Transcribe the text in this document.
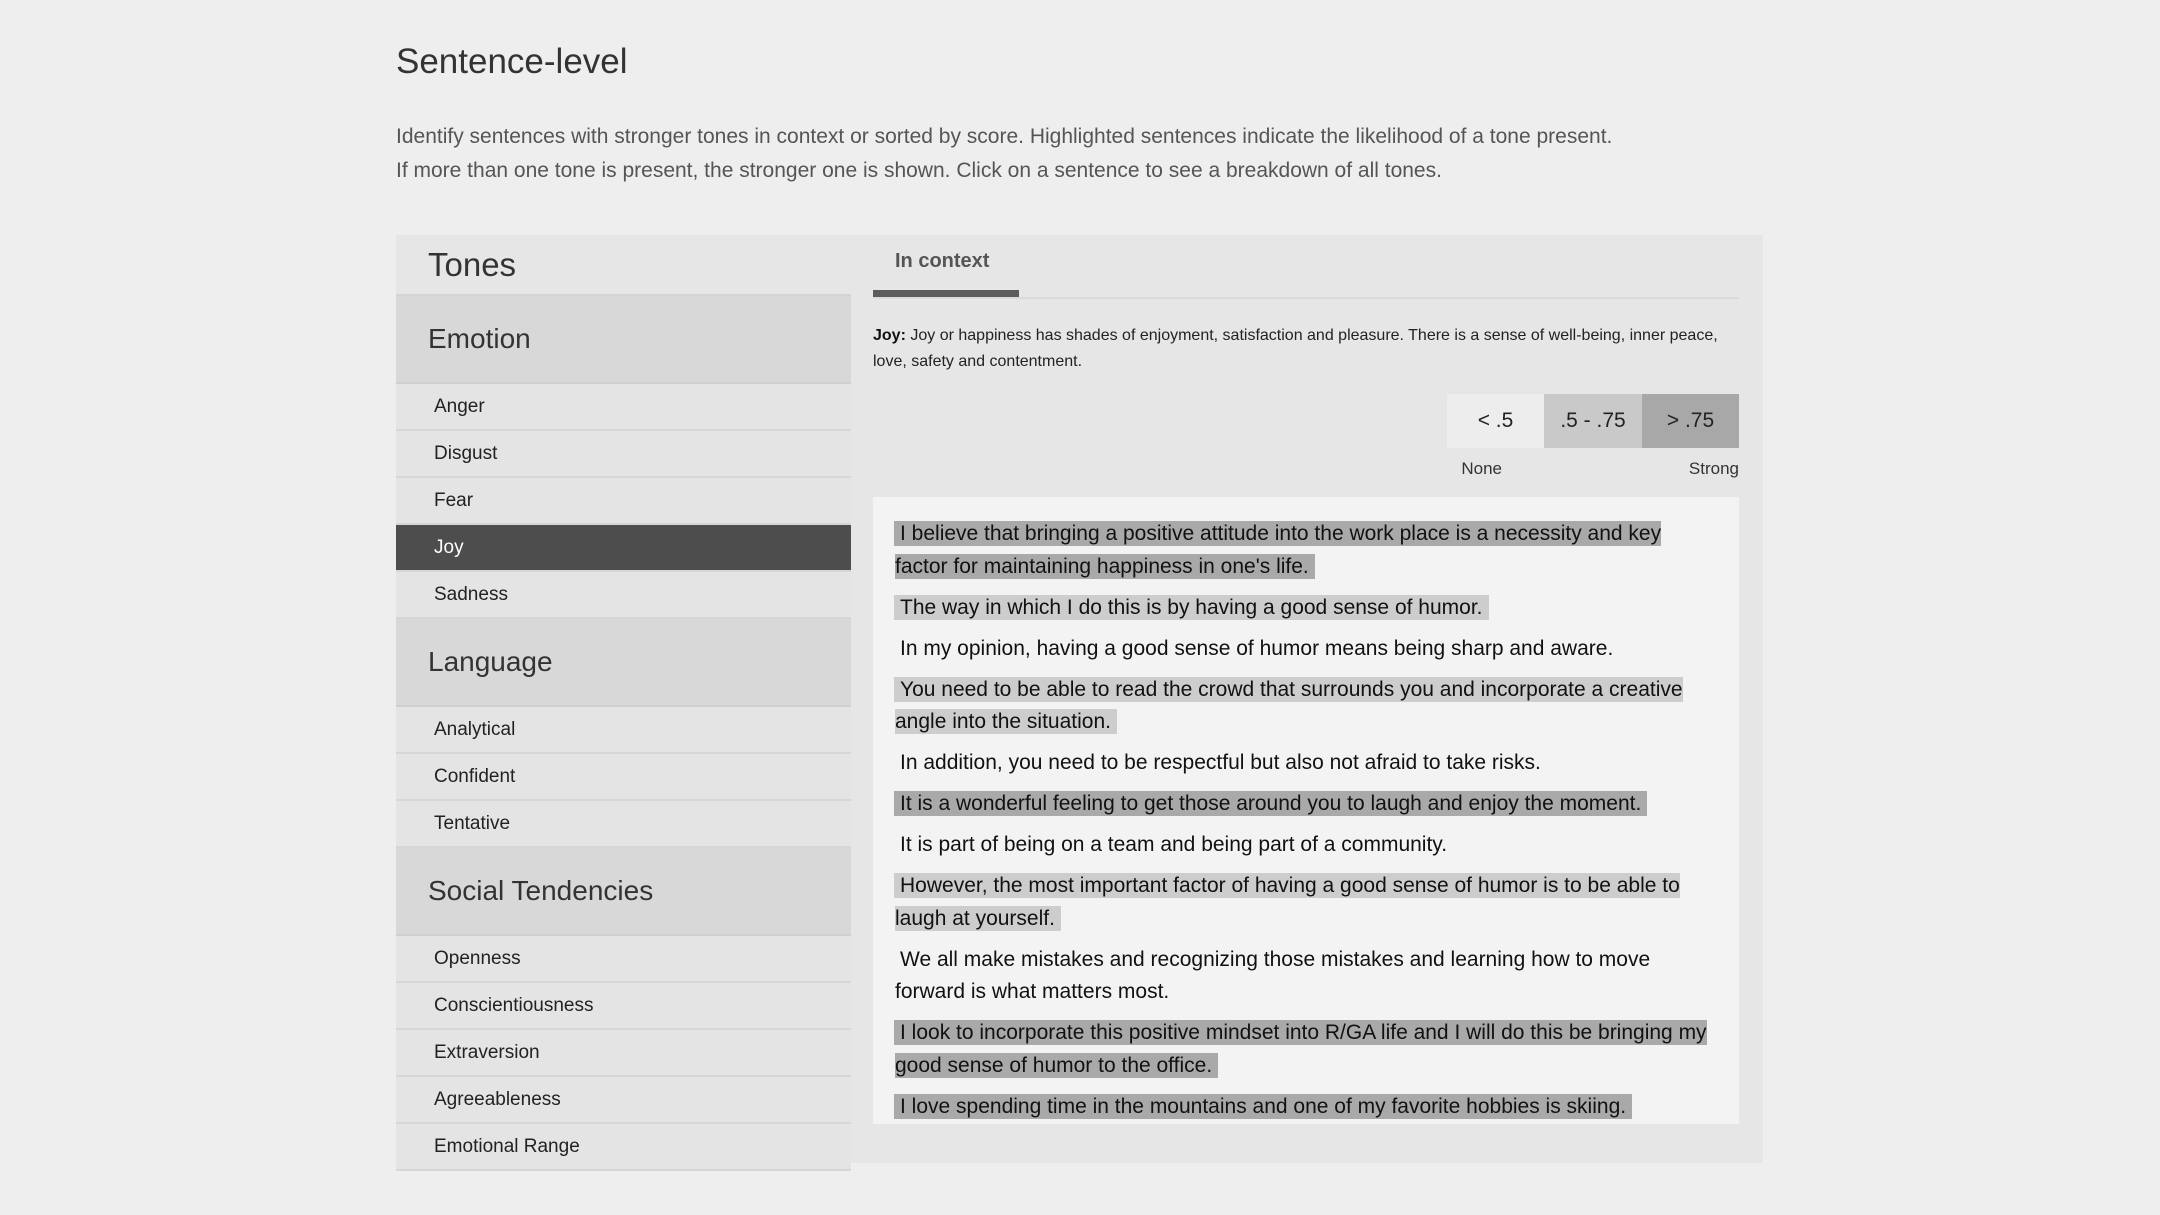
Sentence-level
Identify sentences with stronger tones in context or sorted by score. Highlighted sentences indicate the likelihood of a tone present.
If more than one tone is present, the stronger one is shown. Click on a sentence to see a breakdown of all tones.
Tones
Emotion
Anger
Disgust
Fear
Joy
Sadness
Language
Analytical
Confident
Tentative
Social Tendencies
Openness
Conscientiousness
Extraversion
Agreeableness
Emotional Range
In context
Joy: Joy or happiness has shades of enjoyment, satisfaction and pleasure. There is a sense of well-being, inner peace, love, safety and contentment.
< .5	.5 - .75	> .75
None	Strong
I believe that bringing a positive attitude into the work place is a necessity and key factor for maintaining happiness in one's life.
The way in which I do this is by having a good sense of humor.
In my opinion, having a good sense of humor means being sharp and aware.
You need to be able to read the crowd that surrounds you and incorporate a creative angle into the situation.
In addition, you need to be respectful but also not afraid to take risks.
It is a wonderful feeling to get those around you to laugh and enjoy the moment.
It is part of being on a team and being part of a community.
However, the most important factor of having a good sense of humor is to be able to laugh at yourself.
We all make mistakes and recognizing those mistakes and learning how to move forward is what matters most.
I look to incorporate this positive mindset into R/GA life and I will do this be bringing my good sense of humor to the office.
I love spending time in the mountains and one of my favorite hobbies is skiing.
